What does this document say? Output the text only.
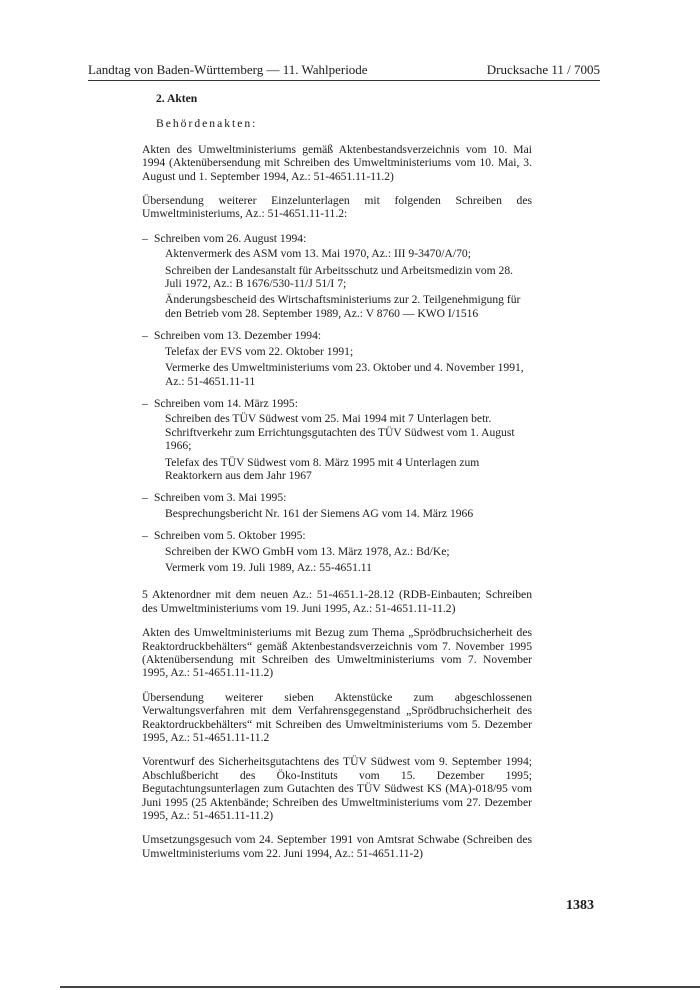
Landtag von Baden-Württemberg — 11. Wahlperiode	Drucksache 11 / 7005

2. Akten

Behördenakten:

Akten des Umweltministeriums gemäß Aktenbestandsverzeichnis vom 10. Mai 1994 (Aktenübersendung mit Schreiben des Umweltministeriums vom 10. Mai, 3. August und 1. September 1994, Az.: 51-4651.11-11.2)

Übersendung weiterer Einzelunterlagen mit folgenden Schreiben des Umweltministeriums, Az.: 51-4651.11-11.2:

– Schreiben vom 26. August 1994:

Aktenvermerk des ASM vom 13. Mai 1970, Az.: III 9-3470/A/70;

Schreiben der Landesanstalt für Arbeitsschutz und Arbeitsmedizin vom 28. Juli 1972, Az.: B 1676/530-11/J 51/I 7;

Änderungsbescheid des Wirtschaftsministeriums zur 2. Teilgenehmigung für den Betrieb vom 28. September 1989, Az.: V 8760 — KWO I/1516

– Schreiben vom 13. Dezember 1994:

Telefax der EVS vom 22. Oktober 1991;

Vermerke des Umweltministeriums vom 23. Oktober und 4. November 1991, Az.: 51-4651.11-11

– Schreiben vom 14. März 1995:

Schreiben des TÜV Südwest vom 25. Mai 1994 mit 7 Unterlagen betr. Schriftverkehr zum Errichtungsgutachten des TÜV Südwest vom 1. August 1966;

Telefax des TÜV Südwest vom 8. März 1995 mit 4 Unterlagen zum Reaktorkern aus dem Jahr 1967

– Schreiben vom 3. Mai 1995:

Besprechungsbericht Nr. 161 der Siemens AG vom 14. März 1966

– Schreiben vom 5. Oktober 1995:

Schreiben der KWO GmbH vom 13. März 1978, Az.: Bd/Ke;

Vermerk vom 19. Juli 1989, Az.: 55-4651.11

5 Aktenordner mit dem neuen Az.: 51-4651.1-28.12 (RDB-Einbauten; Schreiben des Umweltministeriums vom 19. Juni 1995, Az.: 51-4651.11-11.2)

Akten des Umweltministeriums mit Bezug zum Thema „Sprödbruchsicherheit des Reaktordruckbehälters“ gemäß Aktenbestandsverzeichnis vom 7. November 1995 (Aktenübersendung mit Schreiben des Umweltministeriums vom 7. November 1995, Az.: 51-4651.11-11.2)

Übersendung weiterer sieben Aktenstücke zum abgeschlossenen Verwaltungsverfahren mit dem Verfahrensgegenstand „Sprödbruchsicherheit des Reaktordruckbehälters“ mit Schreiben des Umweltministeriums vom 5. Dezember 1995, Az.: 51-4651.11-11.2

Vorentwurf des Sicherheitsgutachtens des TÜV Südwest vom 9. September 1994; Abschlußbericht des Öko-Instituts vom 15. Dezember 1995; Begutachtungsunterlagen zum Gutachten des TÜV Südwest KS (MA)-018/95 vom Juni 1995 (25 Aktenbände; Schreiben des Umweltministeriums vom 27. Dezember 1995, Az.: 51-4651.11-11.2)

Umsetzungsgesuch vom 24. September 1991 von Amtsrat Schwabe (Schreiben des Umweltministeriums vom 22. Juni 1994, Az.: 51-4651.11-2)

1383
